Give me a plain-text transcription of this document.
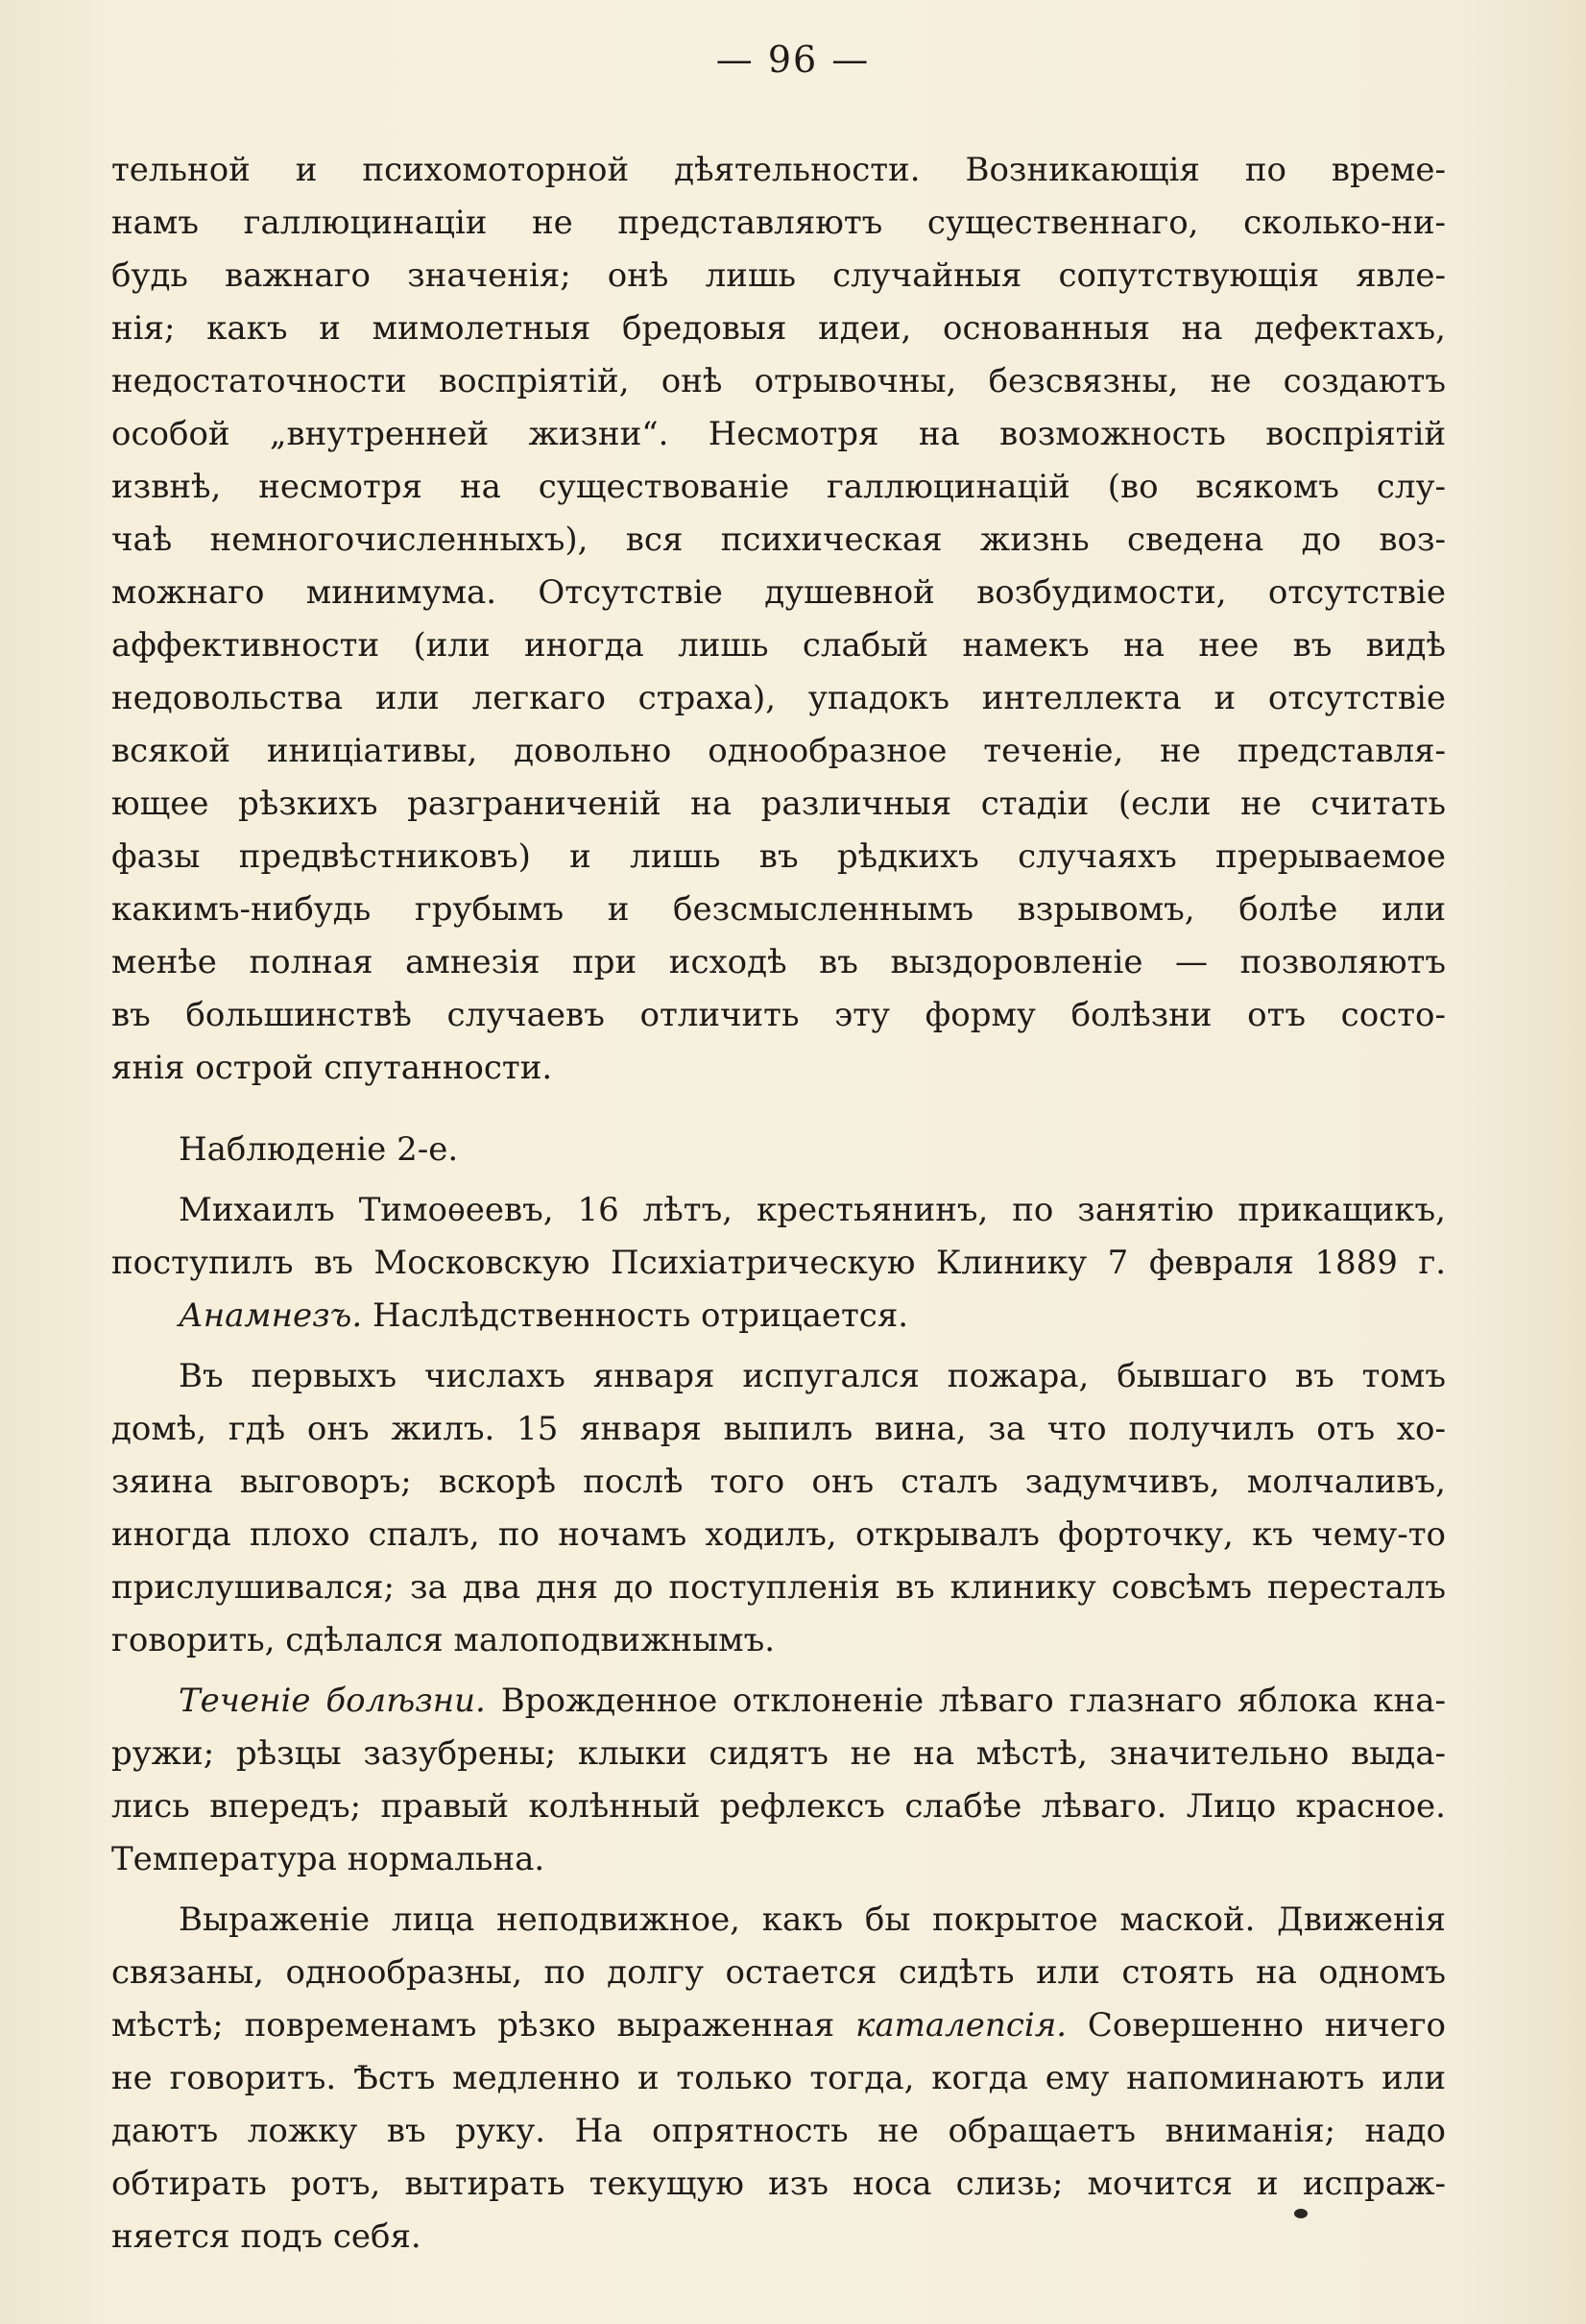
— 96 —
тельной и психомоторной дѣятельности. Возникающія по време-
намъ галлюцинаціи не представляютъ существеннаго, сколько-ни-
будь важнаго значенія; онѣ лишь случайныя сопутствующія явле-
нія; какъ и мимолетныя бредовыя идеи, основанныя на дефектахъ,
недостаточности воспріятій, онѣ отрывочны, безсвязны, не создаютъ
особой „внутренней жизни“. Несмотря на возможность воспріятій
извнѣ, несмотря на существованіе галлюцинацій (во всякомъ слу-
чаѣ немногочисленныхъ), вся психическая жизнь сведена до воз-
можнаго минимума. Отсутствіе душевной возбудимости, отсутствіе
аффективности (или иногда лишь слабый намекъ на нее въ видѣ
недовольства или легкаго страха), упадокъ интеллекта и отсутствіе
всякой иниціативы, довольно однообразное теченіе, не представля-
ющее рѣзкихъ разграниченій на различныя стадіи (если не считать
фазы предвѣстниковъ) и лишь въ рѣдкихъ случаяхъ прерываемое
какимъ-нибудь грубымъ и безсмысленнымъ взрывомъ, болѣе или
менѣе полная амнезія при исходѣ въ выздоровленіе — позволяютъ
въ большинствѣ случаевъ отличить эту форму болѣзни отъ состо-
янія острой спутанности.
Наблюденіе 2-е.
Михаилъ Тимоѳеевъ, 16 лѣтъ, крестьянинъ, по занятію прикащикъ,
поступилъ въ Московскую Психіатрическую Клинику 7 февраля 1889 г.
Анамнезъ. Наслѣдственность отрицается.
Въ первыхъ числахъ января испугался пожара, бывшаго въ томъ
домѣ, гдѣ онъ жилъ. 15 января выпилъ вина, за что получилъ отъ хо-
зяина выговоръ; вскорѣ послѣ того онъ сталъ задумчивъ, молчаливъ,
иногда плохо спалъ, по ночамъ ходилъ, открывалъ форточку, къ чему-то
прислушивался; за два дня до поступленія въ клинику совсѣмъ пересталъ
говорить, сдѣлался малоподвижнымъ.
Теченіе болѣзни. Врожденное отклоненіе лѣваго глазнаго яблока кна-
ружи; рѣзцы зазубрены; клыки сидятъ не на мѣстѣ, значительно выда-
лись впередъ; правый колѣнный рефлексъ слабѣе лѣваго. Лицо красное.
Температура нормальна.
Выраженіе лица неподвижное, какъ бы покрытое маской. Движенія
связаны, однообразны, по долгу остается сидѣть или стоять на одномъ
мѣстѣ; повременамъ рѣзко выраженная каталепсія. Совершенно ничего
не говоритъ. Ѣстъ медленно и только тогда, когда ему напоминаютъ или
даютъ ложку въ руку. На опрятность не обращаетъ вниманія; надо
обтирать ротъ, вытирать текущую изъ носа слизь; мочится и испраж-
няется подъ себя.
